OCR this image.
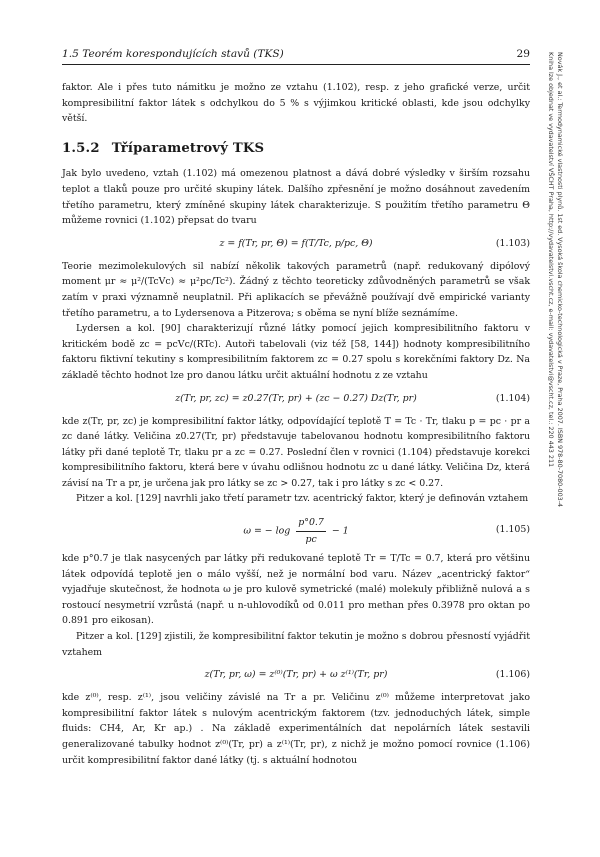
1.5 Teorém korespondujících stavů (TKS)	29	Novák J., et al.: Termodynamické vlastnosti plynů. 1st ed. Vysoká škola chemicko-technologická v Praze, Praha 2007. ISBN 978-80-7080-003-4
Kniha lze objednat ve vydavatelství VŠCHT Praha, http://vydavatelstvi.vscht.cz, e-mail: vydavatelstvi@vscht.cz, tel.: 220 443 211

faktor. Ale i přes tuto námitku je možno ze vztahu (1.102), resp. z jeho grafické verze, určit kompresibilitní faktor látek s odchylkou do 5 % s výjimkou kritické oblasti, kde jsou odchylky větší.

1.5.2 Tříparametrový TKS

Jak bylo uvedeno, vztah (1.102) má omezenou platnost a dává dobré výsledky v širším rozsahu teplot a tlaků pouze pro určité skupiny látek. Dalšího zpřesnění je možno dosáhnout zavedením třetího parametru, který zmíněné skupiny látek charakterizuje. S použitím třetího parametru Θ můžeme rovnici (1.102) přepsat do tvaru

z = f(Tr, pr, Θ) = f(T/Tc, p/pc, Θ)	(1.103)

Teorie mezimolekulových sil nabízí několik takových parametrů (např. redukovaný dipólový moment μr ≈ μ²/(TcVc) ≈ μ²pc/Tc²). Žádný z těchto teoreticky zdůvodněných parametrů se však zatím v praxi významně neuplatnil. Při aplikacích se převážně používají dvě empirické varianty třetího parametru, a to Lydersenova a Pitzerova; s oběma se nyní blíže seznámíme.

Lydersen a kol. [90] charakterizují různé látky pomocí jejich kompresibilitního faktoru v kritickém bodě zc = pcVc/(RTc). Autoři tabelovali (viz též [58, 144]) hodnoty kompresibilitního faktoru fiktivní tekutiny s kompresibilitním faktorem zc = 0.27 spolu s korekčními faktory Dz. Na základě těchto hodnot lze pro danou látku určit aktuální hodnotu z ze vztahu

z(Tr, pr, zc) = z0.27(Tr, pr) + (zc − 0.27) Dz(Tr, pr)	(1.104)

kde z(Tr, pr, zc) je kompresibilitní faktor látky, odpovídající teplotě T = Tc · Tr, tlaku p = pc · pr a zc dané látky. Veličina z0.27(Tr, pr) představuje tabelovanou hodnotu kompresibilitního faktoru látky při dané teplotě Tr, tlaku pr a zc = 0.27. Poslední člen v rovnici (1.104) představuje korekci kompresibilitního faktoru, která bere v úvahu odlišnou hodnotu zc u dané látky. Veličina Dz, která závisí na Tr a pr, je určena jak pro látky se zc > 0.27, tak i pro látky s zc < 0.27.

Pitzer a kol. [129] navrhli jako třetí parametr tzv. acentrický faktor, který je definován vztahem

ω = − $\log \frac{p^\circ 0.7}{pc} - 1$	(1.105)

kde p°0.7 je tlak nasycených par látky při redukované teplotě Tr = T/Tc = 0.7, která pro většinu látek odpovídá teplotě jen o málo vyšší, než je normální bod varu. Název „acentrický faktor“ vyjadřuje skutečnost, že hodnota ω je pro kulově symetrické (malé) molekuly přibližně nulová a s rostoucí nesymetrií vzrůstá (např. u n-uhlovodíků od 0.011 pro methan přes 0.3978 pro oktan po 0.891 pro eikosan).

Pitzer a kol. [129] zjistili, že kompresibilitní faktor tekutin je možno s dobrou přesností vyjádřit vztahem

z(Tr, pr, ω) = z⁽⁰⁾(Tr, pr) + ω z⁽¹⁾(Tr, pr)	(1.106)

kde z⁽⁰⁾, resp. z⁽¹⁾, jsou veličiny závislé na Tr a pr. Veličinu z⁽⁰⁾ můžeme interpretovat jako kompresibilitní faktor látek s nulovým acentrickým faktorem (tzv. jednoduchých látek, simple fluids: CH4, Ar, Kr ap.) . Na základě experimentálních dat nepolárních látek sestavili generalizované tabulky hodnot z⁽⁰⁾(Tr, pr) a z⁽¹⁾(Tr, pr), z nichž je možno pomocí rovnice (1.106) určit kompresibilitní faktor dané látky (tj. s aktuální hodnotou
